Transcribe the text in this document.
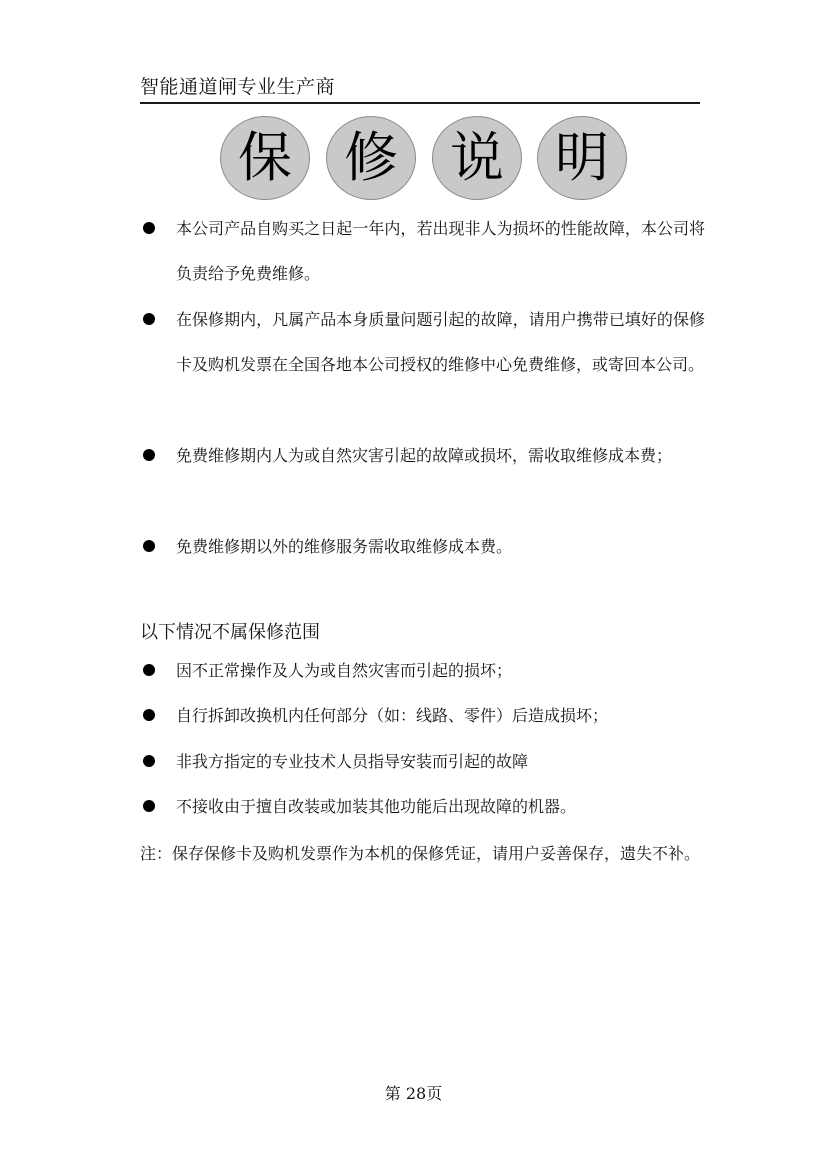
智能通道闸专业生产商
保 修 说 明
本公司产品自购买之日起一年内，若出现非人为损坏的性能故障，本公司将负责给予免费维修。
在保修期内，凡属产品本身质量问题引起的故障，请用户携带已填好的保修卡及购机发票在全国各地本公司授权的维修中心免费维修，或寄回本公司。
免费维修期内人为或自然灾害引起的故障或损坏，需收取维修成本费；
免费维修期以外的维修服务需收取维修成本费。
以下情况不属保修范围
因不正常操作及人为或自然灾害而引起的损坏；
自行拆卸改换机内任何部分（如：线路、零件）后造成损坏；
非我方指定的专业技术人员指导安装而引起的故障
不接收由于擅自改装或加装其他功能后出现故障的机器。
注：保存保修卡及购机发票作为本机的保修凭证，请用户妥善保存，遗失不补。
第 28页
